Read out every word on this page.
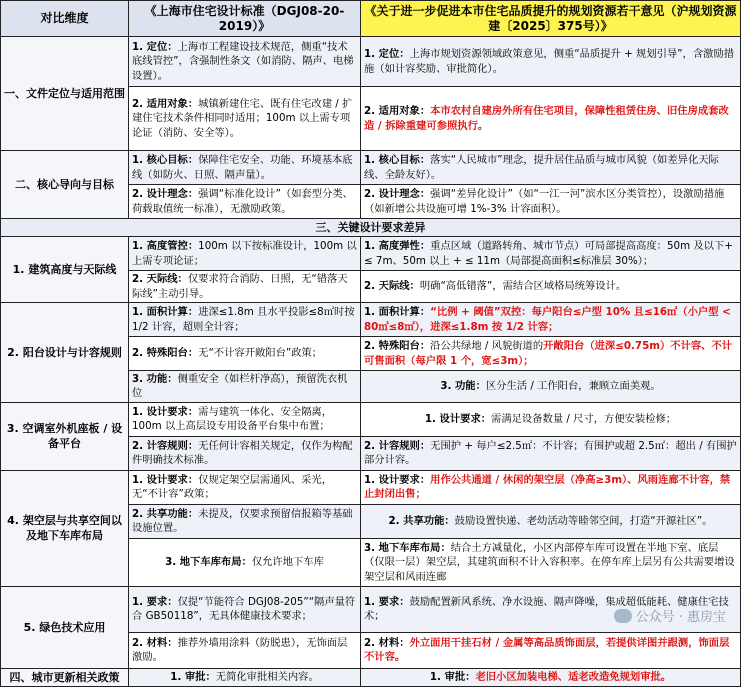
对比维度	《上海市住宅设计标准（DGJ08-20-2019）》	《关于进一步促进本市住宅品质提升的规划资源若干意见（沪规划资源建〔2025〕375号）》
一、文件定位与适用范围	1. 定位：上海市工程建设技术规范，侧重“技术底线管控”，含强制性条文（如消防、隔声、电梯设置）。	1. 定位：上海市规划资源领域政策意见，侧重“品质提升 + 规划引导”，含激励措施（如计容奖励、审批简化）。
	2. 适用对象：城镇新建住宅、既有住宅改建 / 扩建住宅技术条件相同时适用；100m 以上需专项论证（消防、安全等）。	2. 适用对象：本市农村自建房外所有住宅项目，保障性租赁住房、旧住房成套改造 / 拆除重建可参照执行。
二、核心导向与目标	1. 核心目标：保障住宅安全、功能、环境基本底线（如防火、日照、隔声量）。	1. 核心目标：落实“人民城市”理念，提升居住品质与城市风貌（如差异化天际线、全龄友好）。
	2. 设计理念：强调“标准化设计”（如套型分类、荷载取值统一标准），无激励政策。	2. 设计理念：强调“差异化设计”（如“一江一河”滨水区分类管控），设激励措施（如新增公共设施可增 1%-3% 计容面积）。
三、关键设计要求差异		
1. 建筑高度与天际线	1. 高度管控：100m 以下按标准设计，100m 以上需专项论证；	1. 高度弹性：重点区域（道路转角、城市节点）可局部提高高度：50m 及以下+ ≤ 7m、50m 以上 + ≤ 11m（局部提高面积≤标准层 30%）；
	2. 天际线：仅要求符合消防、日照，无“错落天际线”主动引导。	2. 天际线：明确“高低错落”，需结合区域格局统筹设计。
2. 阳台设计与计容规则	1. 面积计算：进深≤1.8m 且水平投影≤8㎡时按 1/2 计容，超则全计容；	1. 面积计算：“比例 + 阈值”双控：每户阳台≤户型 10% 且≤16㎡（小户型 < 80㎡≤8㎡），进深≤1.8m 按 1/2 计容；
	2. 特殊阳台：无“不计容开敞阳台”政策；	2. 特殊阳台：沿公共绿地 / 风貌街道的开敞阳台（进深≤0.75m）不计容、不计可售面积（每户限 1 个，宽≤3m）；
	3. 功能：侧重安全（如栏杆净高），预留洗衣机位	3. 功能：区分生活 / 工作阳台，兼顾立面美观。
3. 空调室外机座板 / 设备平台	1. 设计要求：需与建筑一体化、安全隔离，100m 以上高层设专用设备平台集中布置；	1. 设计要求：需满足设备数量 / 尺寸，方便安装检修；
	2. 计容规则：无任何计容相关规定，仅作为构配件明确技术标准。	2. 计容规则：无围护 + 每户≤2.5㎡：不计容；有围护或超 2.5㎡：超出 / 有围护部分计容。
4. 架空层与共享空间以及地下车库布局	1. 设计要求：仅规定架空层需通风、采光，无“不计容”政策；	1. 设计要求：用作公共通道 / 休闲的架空层（净高≥3m）、风雨连廊不计容，禁止封闭出售；
	2. 共享功能：未提及，仅要求预留信报箱等基础设施位置。	2. 共享功能：鼓励设置快递、老幼活动等睦邻空间，打造“开源社区”。
	3. 地下车库布局：仅允许地下车库	3. 地下车库布局：结合土方减量化，小区内部停车库可设置在半地下室、底层（仅限一层）架空层，其建筑面积不计入容积率。在停车库上层另有公共需要增设架空层和风雨连廊
5. 绿色技术应用	1. 要求：仅提“节能符合 DGJ08-205”“隔声量符合 GB50118”，无具体健康技术要求；	1. 要求：鼓励配置新风系统、净水设施、隔声降噪，集成超低能耗、健康住宅技术；
	2. 材料：推荐外墙用涂料（防脱患），无饰面层激励。	2. 材料：外立面用干挂石材 / 金属等高品质饰面层，若提供详图并跟测，饰面层不计容。
四、城市更新相关政策	1. 审批：无简化审批相关内容。	1. 审批：老旧小区加装电梯、适老改造免规划审批。
公众号 · 惠房宝
